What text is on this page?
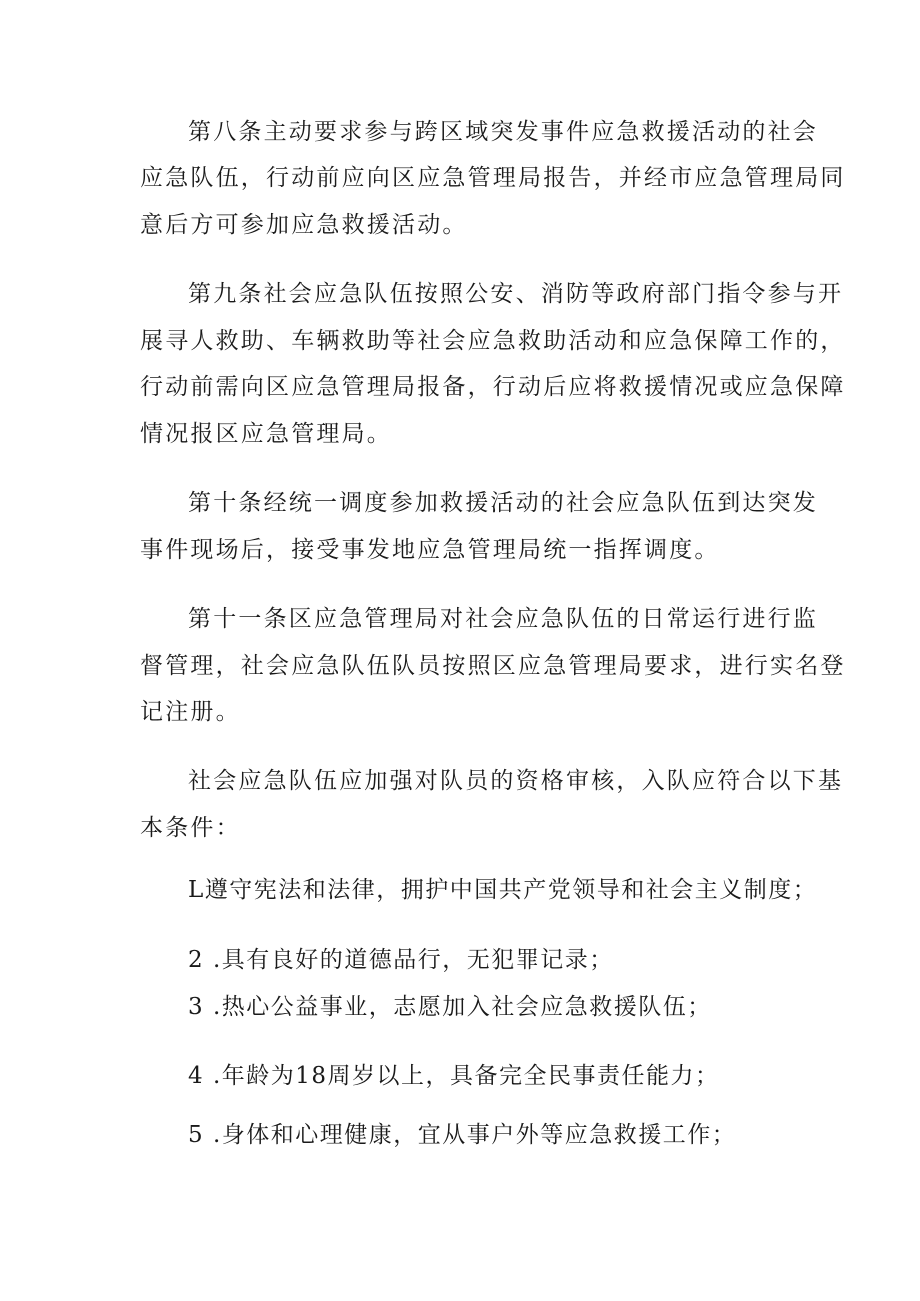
第八条主动要求参与跨区域突发事件应急救援活动的社会
应急队伍，行动前应向区应急管理局报告，并经市应急管理局同
意后方可参加应急救援活动。
第九条社会应急队伍按照公安、消防等政府部门指令参与开
展寻人救助、车辆救助等社会应急救助活动和应急保障工作的，
行动前需向区应急管理局报备，行动后应将救援情况或应急保障
情况报区应急管理局。
第十条经统一调度参加救援活动的社会应急队伍到达突发
事件现场后，接受事发地应急管理局统一指挥调度。
第十一条区应急管理局对社会应急队伍的日常运行进行监
督管理，社会应急队伍队员按照区应急管理局要求，进行实名登
记注册。
社会应急队伍应加强对队员的资格审核，入队应符合以下基
本条件：
L遵守宪法和法律，拥护中国共产党领导和社会主义制度；
2 .具有良好的道德品行，无犯罪记录；
3 .热心公益事业，志愿加入社会应急救援队伍；
4 .年龄为18周岁以上，具备完全民事责任能力；
5 .身体和心理健康，宜从事户外等应急救援工作；
